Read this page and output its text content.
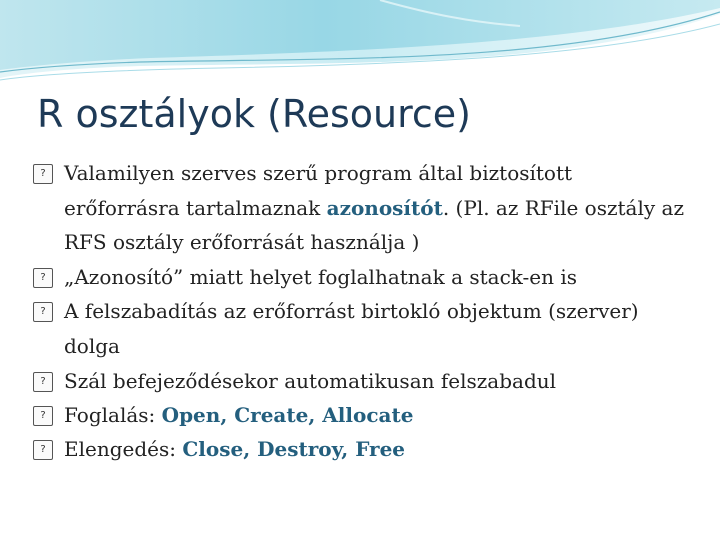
R osztályok (Resource)
? Valamilyen szerves szerű program által biztosított erőforrásra tartalmaznak azonosítót. (Pl. az RFile osztály az RFS osztály erőforrását használja )
? „Azonosító” miatt helyet foglalhatnak a stack-en is
? A felszabadítás az erőforrást birtokló objektum (szerver) dolga
? Szál befejeződésekor automatikusan felszabadul
? Foglalás: Open, Create, Allocate
? Elengedés: Close, Destroy, Free
